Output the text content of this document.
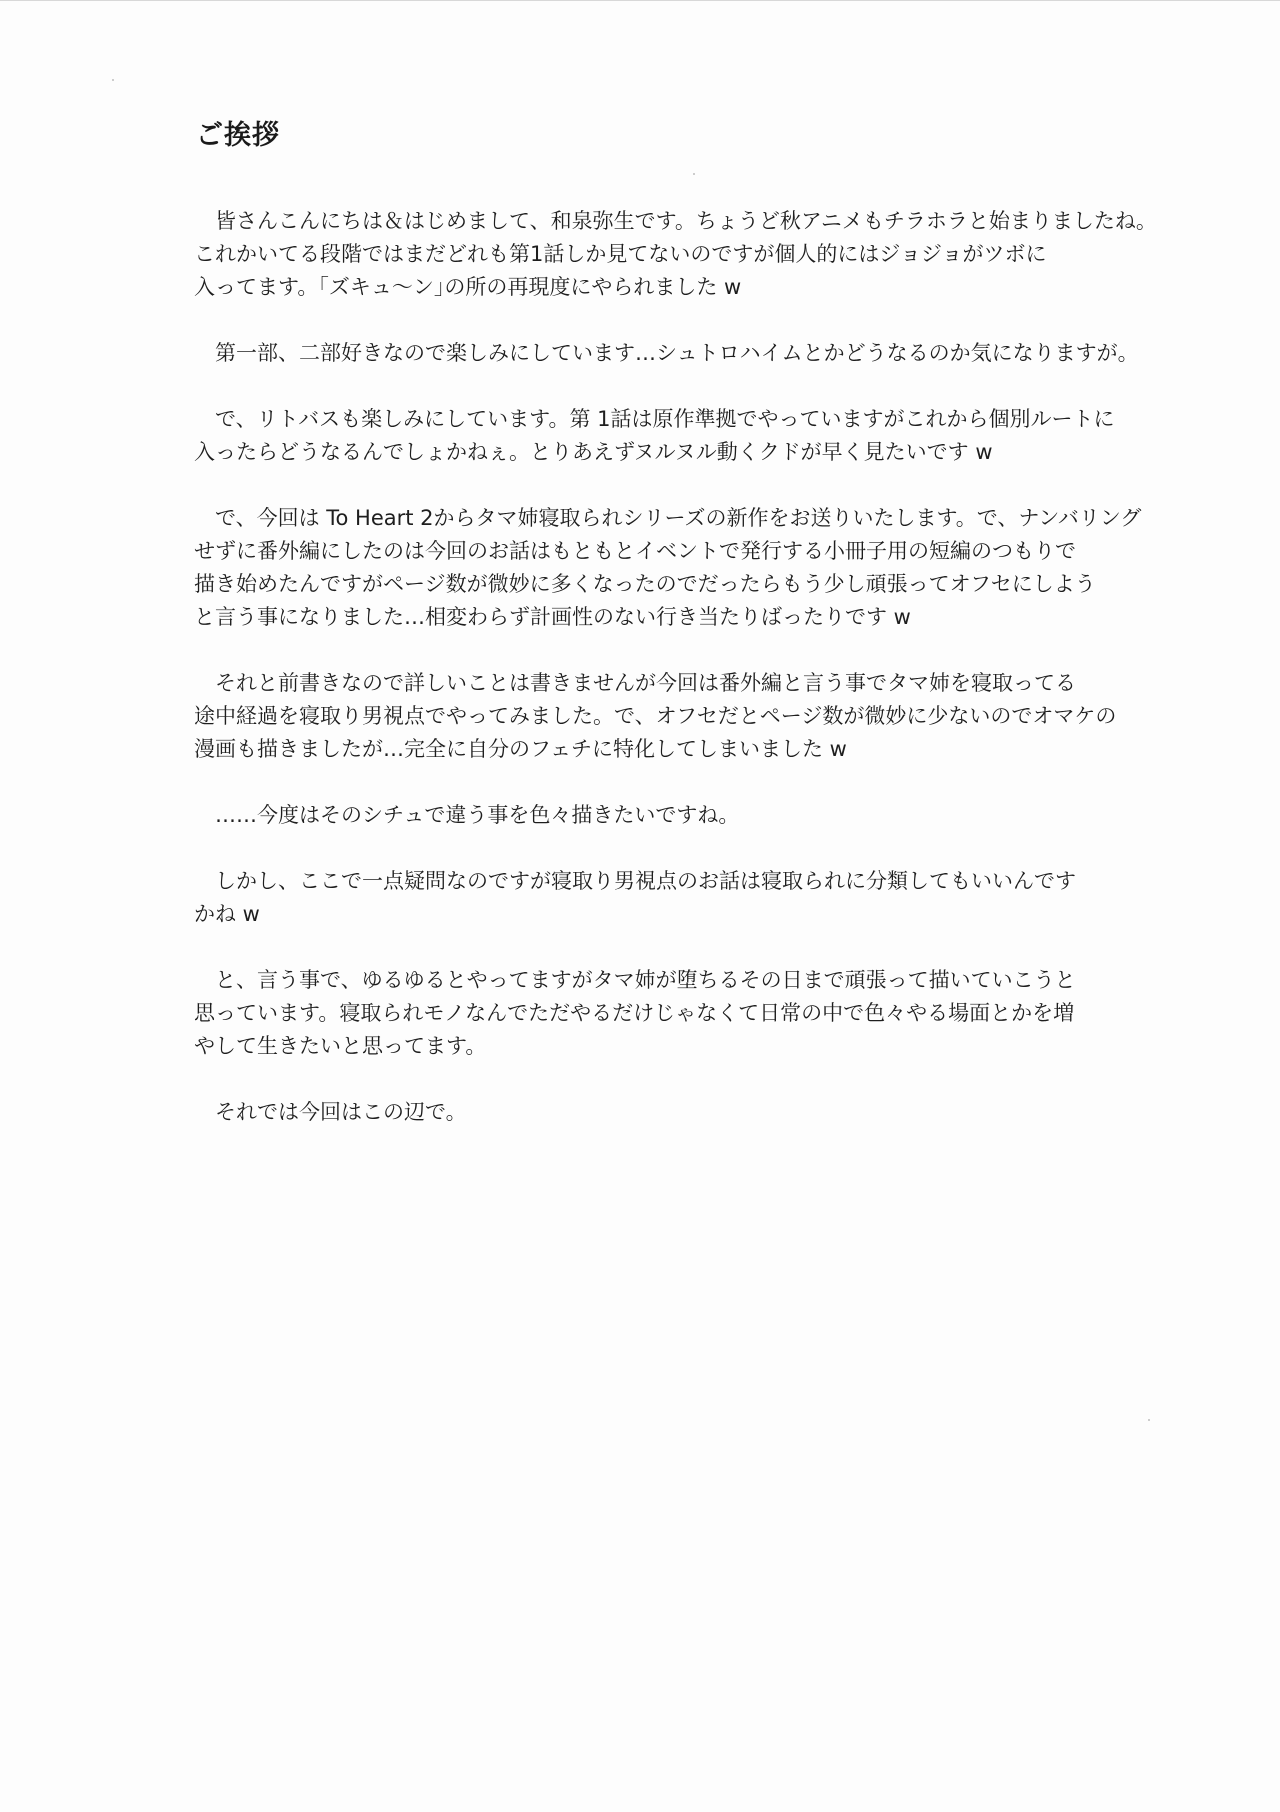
ご挨拶

　皆さんこんにちは＆はじめまして、和泉弥生です。ちょうど秋アニメもチラホラと始まりましたね。
これかいてる段階ではまだどれも第1話しか見てないのですが個人的にはジョジョがツボに
入ってます。｢ズキュ～ン｣の所の再現度にやられました w

　第一部、二部好きなので楽しみにしています…シュトロハイムとかどうなるのか気になりますが。

　で、リトバスも楽しみにしています。第 1話は原作準拠でやっていますがこれから個別ルートに
入ったらどうなるんでしょかねぇ。とりあえずヌルヌル動くクドが早く見たいです w

　で、今回は To Heart 2からタマ姉寝取られシリーズの新作をお送りいたします。で、ナンバリング
せずに番外編にしたのは今回のお話はもともとイベントで発行する小冊子用の短編のつもりで
描き始めたんですがページ数が微妙に多くなったのでだったらもう少し頑張ってオフセにしよう
と言う事になりました…相変わらず計画性のない行き当たりばったりです w

　それと前書きなので詳しいことは書きませんが今回は番外編と言う事でタマ姉を寝取ってる
途中経過を寝取り男視点でやってみました。で、オフセだとページ数が微妙に少ないのでオマケの
漫画も描きましたが…完全に自分のフェチに特化してしまいました w

　……今度はそのシチュで違う事を色々描きたいですね。

　しかし、ここで一点疑問なのですが寝取り男視点のお話は寝取られに分類してもいいんです
かね w

　と、言う事で、ゆるゆるとやってますがタマ姉が堕ちるその日まで頑張って描いていこうと
思っています。寝取られモノなんでただやるだけじゃなくて日常の中で色々やる場面とかを増
やして生きたいと思ってます。

　それでは今回はこの辺で。
